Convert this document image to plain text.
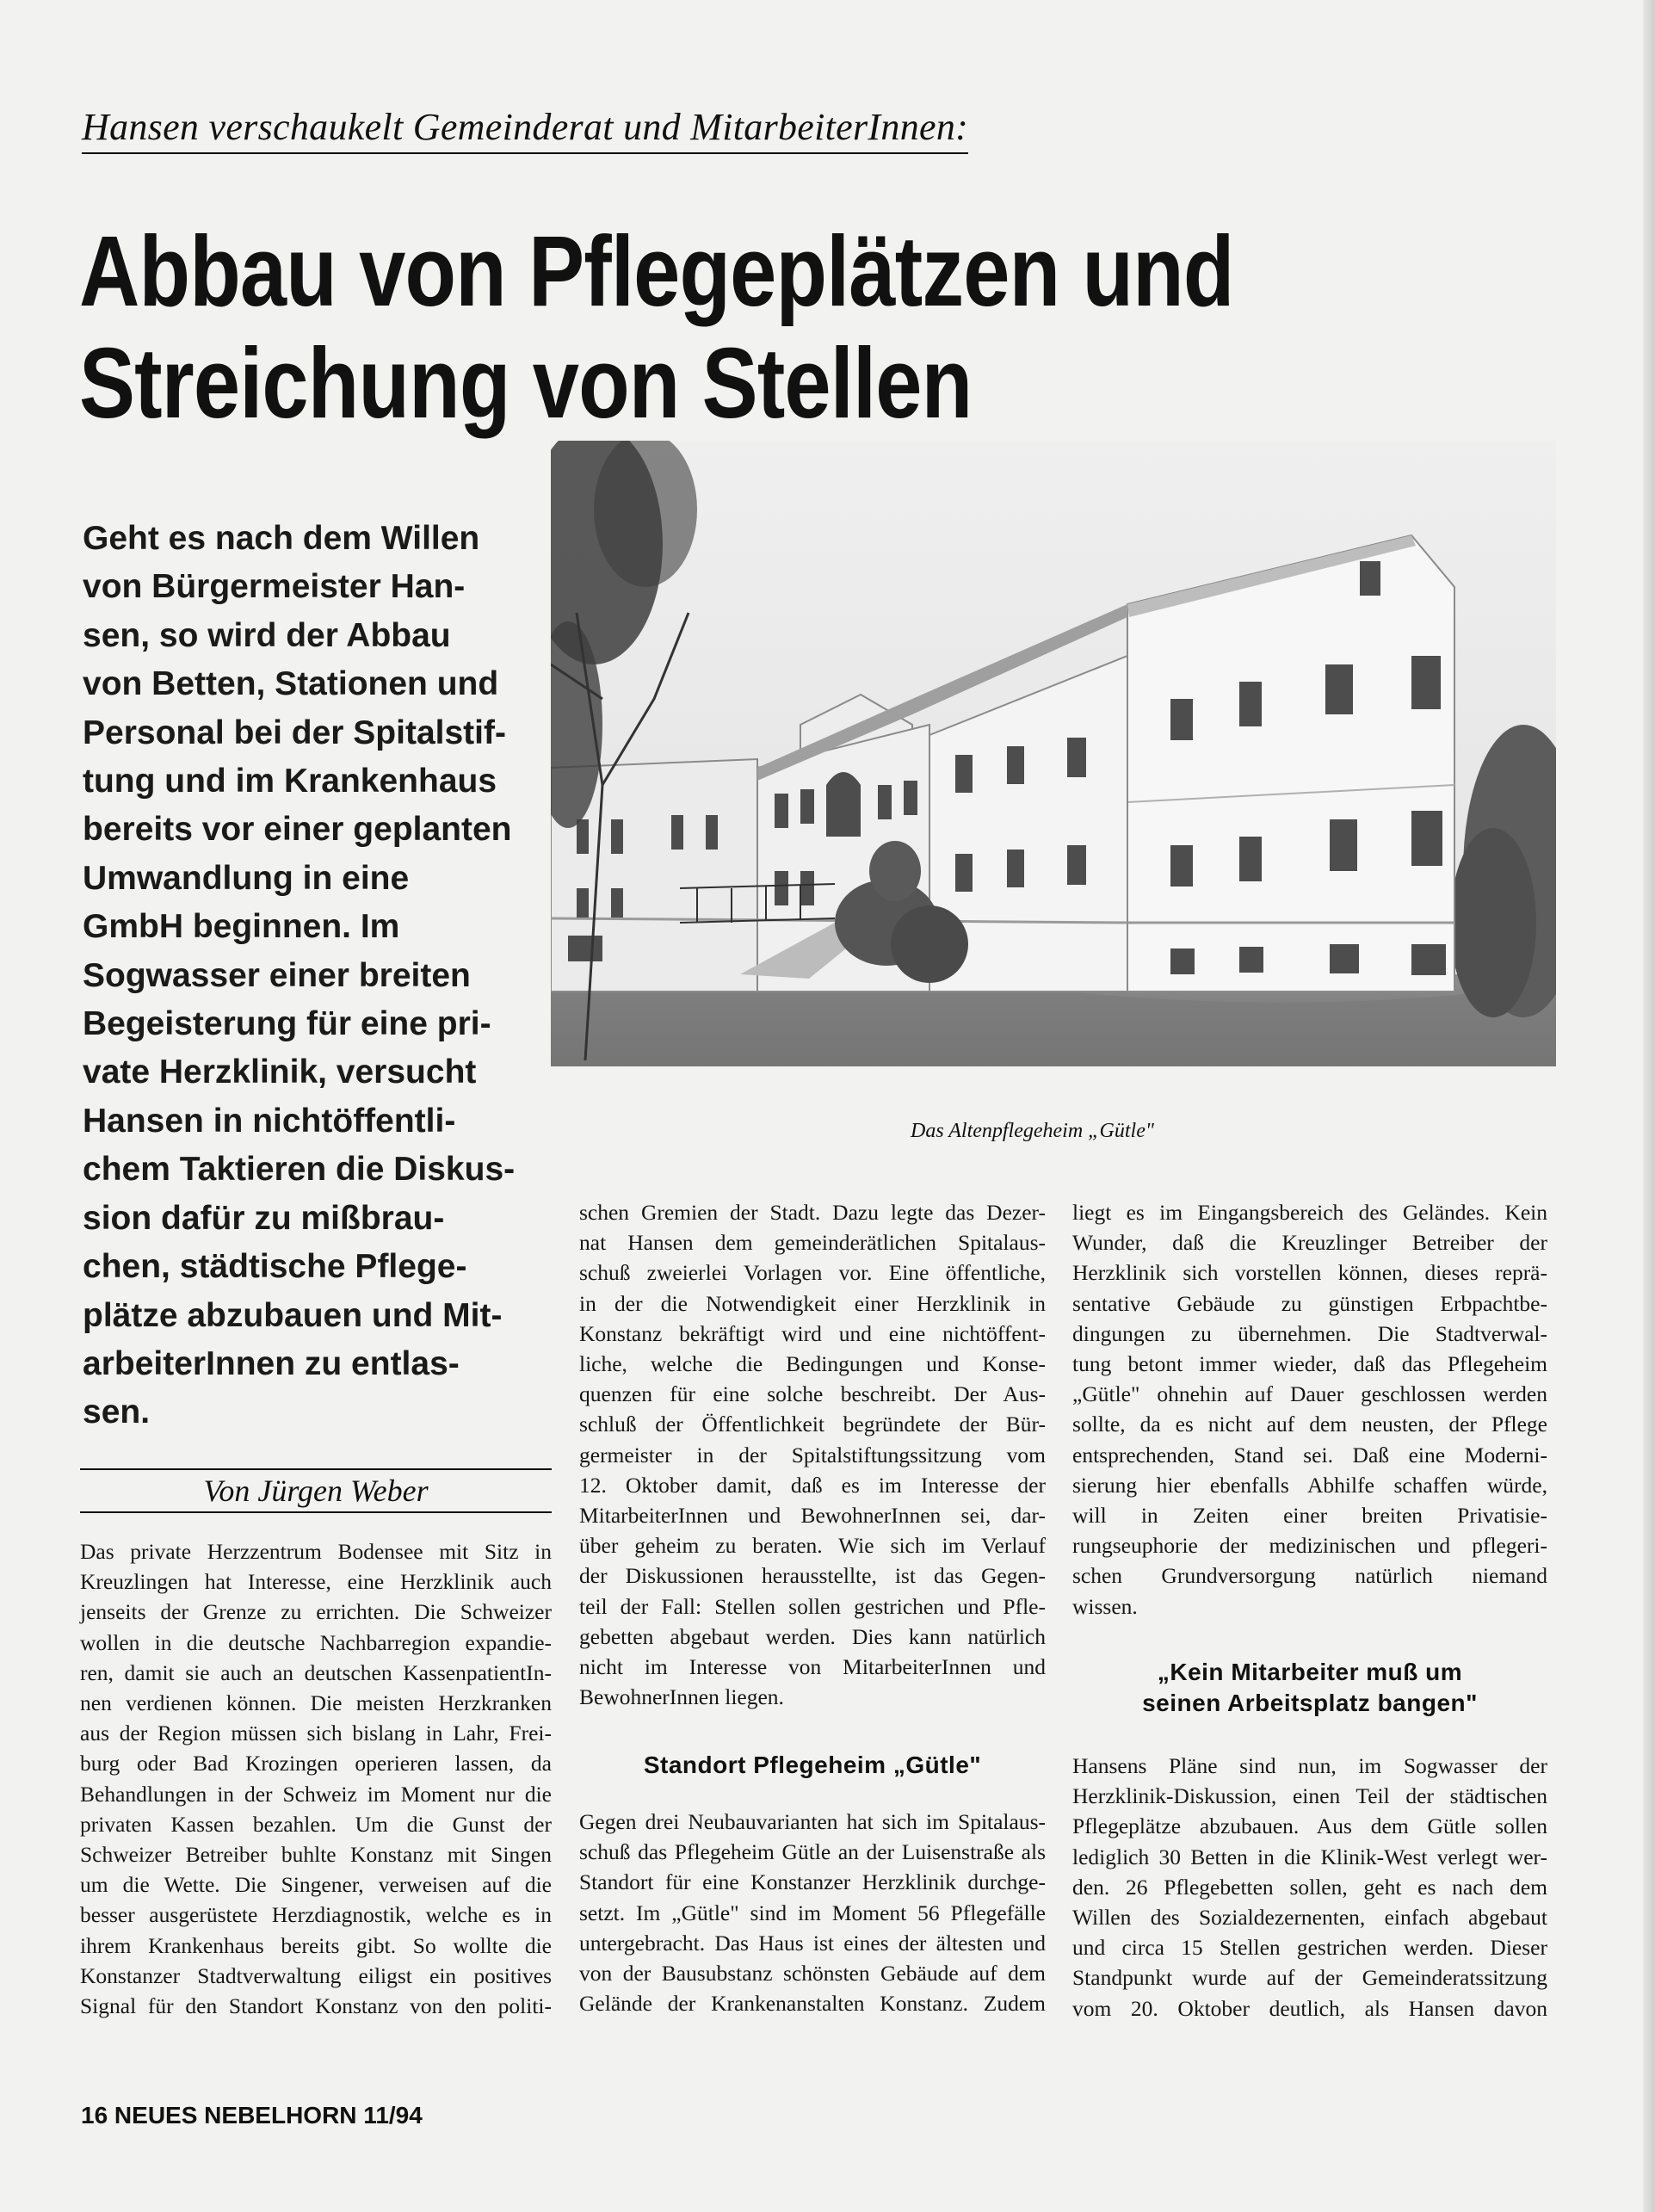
Hansen verschaukelt Gemeinderat und MitarbeiterInnen:
Abbau von Pflegeplätzen und
Streichung von Stellen
Geht es nach dem Willen
von Bürgermeister Han-
sen, so wird der Abbau
von Betten, Stationen und
Personal bei der Spitalstif-
tung und im Krankenhaus
bereits vor einer geplanten
Umwandlung in eine
GmbH beginnen. Im
Sogwasser einer breiten
Begeisterung für eine pri-
vate Herzklinik, versucht
Hansen in nichtöffentli-
chem Taktieren die Diskus-
sion dafür zu mißbrau-
chen, städtische Pflege-
plätze abzubauen und Mit-
arbeiterInnen zu entlas-
sen.
Das Altenpflegeheim „Gütle"
Von Jürgen Weber
Das private Herzzentrum Bodensee mit Sitz in
Kreuzlingen hat Interesse, eine Herzklinik auch
jenseits der Grenze zu errichten. Die Schweizer
wollen in die deutsche Nachbarregion expandie-
ren, damit sie auch an deutschen KassenpatientIn-
nen verdienen können. Die meisten Herzkranken
aus der Region müssen sich bislang in Lahr, Frei-
burg oder Bad Krozingen operieren lassen, da
Behandlungen in der Schweiz im Moment nur die
privaten Kassen bezahlen. Um die Gunst der
Schweizer Betreiber buhlte Konstanz mit Singen
um die Wette. Die Singener, verweisen auf die
besser ausgerüstete Herzdiagnostik, welche es in
ihrem Krankenhaus bereits gibt. So wollte die
Konstanzer Stadtverwaltung eiligst ein positives
Signal für den Standort Konstanz von den politi-
schen Gremien der Stadt. Dazu legte das Dezer-
nat Hansen dem gemeinderätlichen Spitalaus-
schuß zweierlei Vorlagen vor. Eine öffentliche,
in der die Notwendigkeit einer Herzklinik in
Konstanz bekräftigt wird und eine nichtöffent-
liche, welche die Bedingungen und Konse-
quenzen für eine solche beschreibt. Der Aus-
schluß der Öffentlichkeit begründete der Bür-
germeister in der Spitalstiftungssitzung vom
12. Oktober damit, daß es im Interesse der
MitarbeiterInnen und BewohnerInnen sei, dar-
über geheim zu beraten. Wie sich im Verlauf
der Diskussionen herausstellte, ist das Gegen-
teil der Fall: Stellen sollen gestrichen und Pfle-
gebetten abgebaut werden. Dies kann natürlich
nicht im Interesse von MitarbeiterInnen und
BewohnerInnen liegen.
Standort Pflegeheim „Gütle"
Gegen drei Neubauvarianten hat sich im Spitalaus-
schuß das Pflegeheim Gütle an der Luisenstraße als
Standort für eine Konstanzer Herzklinik durchge-
setzt. Im „Gütle" sind im Moment 56 Pflegefälle
untergebracht. Das Haus ist eines der ältesten und
von der Bausubstanz schönsten Gebäude auf dem
Gelände der Krankenanstalten Konstanz. Zudem
liegt es im Eingangsbereich des Geländes. Kein
Wunder, daß die Kreuzlinger Betreiber der
Herzklinik sich vorstellen können, dieses reprä-
sentative Gebäude zu günstigen Erbpachtbe-
dingungen zu übernehmen. Die Stadtverwal-
tung betont immer wieder, daß das Pflegeheim
„Gütle" ohnehin auf Dauer geschlossen werden
sollte, da es nicht auf dem neusten, der Pflege
entsprechenden, Stand sei. Daß eine Moderni-
sierung hier ebenfalls Abhilfe schaffen würde,
will in Zeiten einer breiten Privatisie-
rungseuphorie der medizinischen und pflegeri-
schen Grundversorgung natürlich niemand
wissen.
„Kein Mitarbeiter muß um
seinen Arbeitsplatz bangen"
Hansens Pläne sind nun, im Sogwasser der
Herzklinik-Diskussion, einen Teil der städtischen
Pflegeplätze abzubauen. Aus dem Gütle sollen
lediglich 30 Betten in die Klinik-West verlegt wer-
den. 26 Pflegebetten sollen, geht es nach dem
Willen des Sozialdezernenten, einfach abgebaut
und circa 15 Stellen gestrichen werden. Dieser
Standpunkt wurde auf der Gemeinderatssitzung
vom 20. Oktober deutlich, als Hansen davon
16 NEUES NEBELHORN 11/94
